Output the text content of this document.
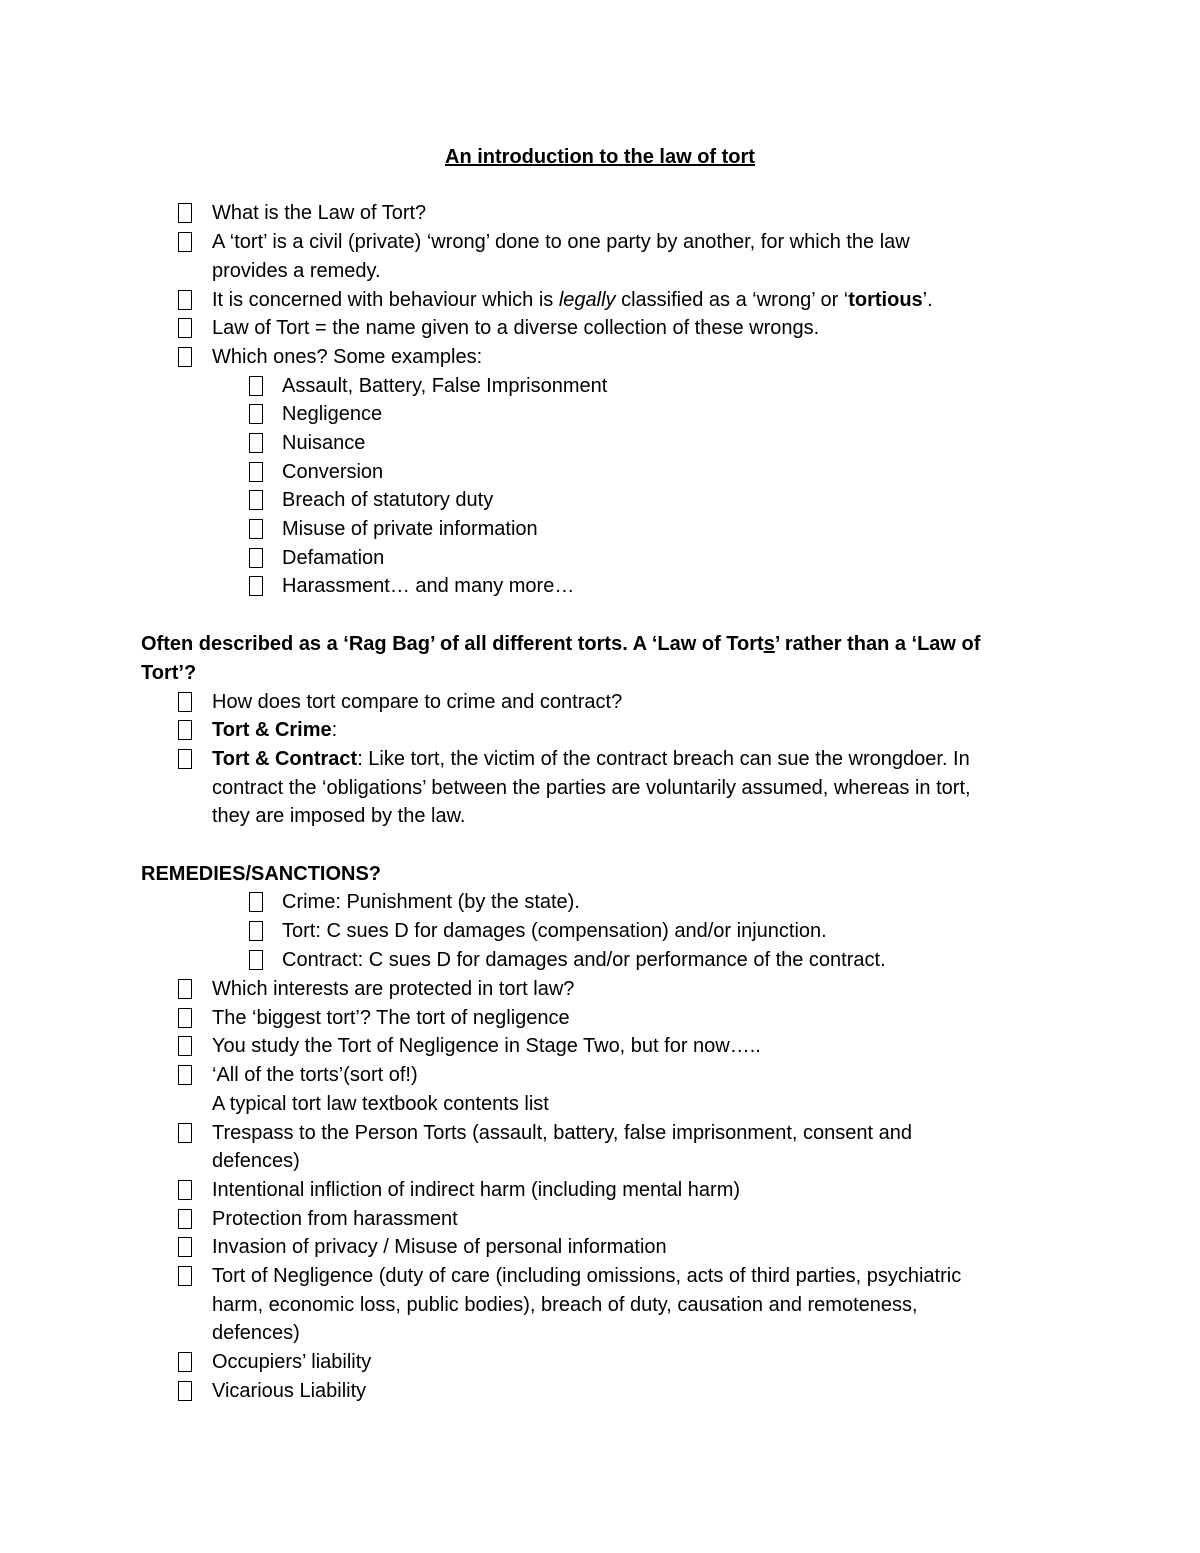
An introduction to the law of tort
What is the Law of Tort?
A ‘tort’ is a civil (private) ‘wrong’ done to one party by another, for which the law
provides a remedy.
It is concerned with behaviour which is legally classified as a ‘wrong’ or ‘tortious’.
Law of Tort = the name given to a diverse collection of these wrongs.
Which ones? Some examples:
Assault, Battery, False Imprisonment
Negligence
Nuisance
Conversion
Breach of statutory duty
Misuse of private information
Defamation
Harassment… and many more…
Often described as a ‘Rag Bag’ of all different torts. A ‘Law of Torts’ rather than a ‘Law of
Tort’?
How does tort compare to crime and contract?
Tort & Crime:
Tort & Contract: Like tort, the victim of the contract breach can sue the wrongdoer. In
contract the ‘obligations’ between the parties are voluntarily assumed, whereas in tort,
they are imposed by the law.
REMEDIES/SANCTIONS?
Crime: Punishment (by the state).
Tort: C sues D for damages (compensation) and/or injunction.
Contract: C sues D for damages and/or performance of the contract.
Which interests are protected in tort law?
The ‘biggest tort’? The tort of negligence
You study the Tort of Negligence in Stage Two, but for now…..
‘All of the torts’(sort of!)
A typical tort law textbook contents list
Trespass to the Person Torts (assault, battery, false imprisonment, consent and
defences)
Intentional infliction of indirect harm (including mental harm)
Protection from harassment
Invasion of privacy / Misuse of personal information
Tort of Negligence (duty of care (including omissions, acts of third parties, psychiatric
harm, economic loss, public bodies), breach of duty, causation and remoteness,
defences)
Occupiers’ liability
Vicarious Liability
